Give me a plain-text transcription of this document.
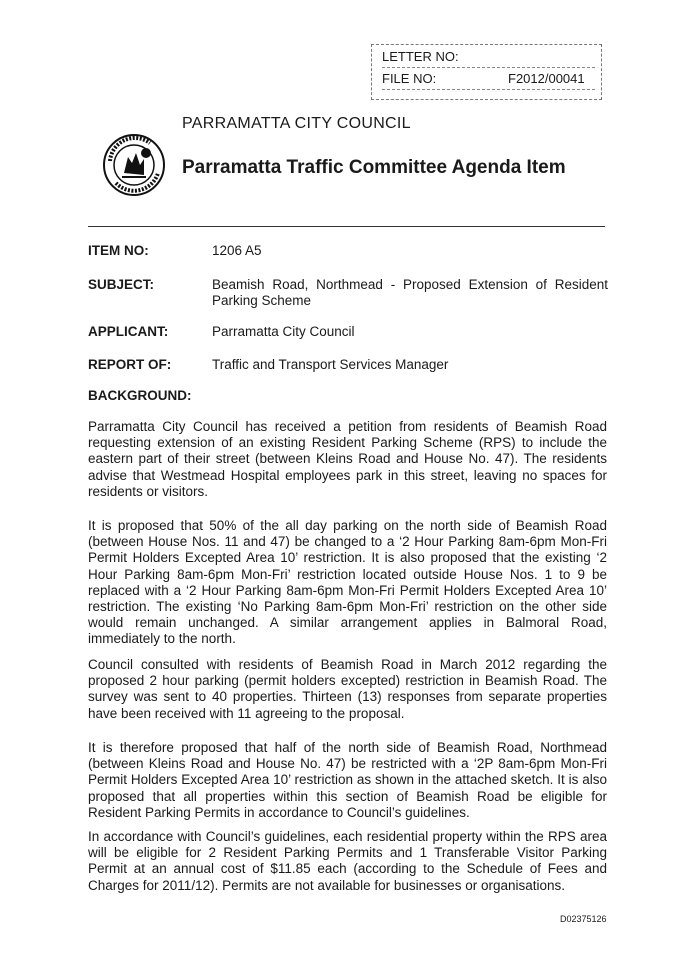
LETTER NO:
FILE NO:	F2012/00041
PARRAMATTA CITY COUNCIL
Parramatta Traffic Committee Agenda Item
ITEM NO:	1206 A5
SUBJECT:	Beamish Road, Northmead - Proposed Extension of Resident Parking Scheme
APPLICANT:	Parramatta City Council
REPORT OF:	Traffic and Transport Services Manager
BACKGROUND:

Parramatta City Council has received a petition from residents of Beamish Road requesting extension of an existing Resident Parking Scheme (RPS) to include the eastern part of their street (between Kleins Road and House No. 47). The residents advise that Westmead Hospital employees park in this street, leaving no spaces for residents or visitors.

It is proposed that 50% of the all day parking on the north side of Beamish Road (between House Nos. 11 and 47) be changed to a ‘2 Hour Parking 8am-6pm Mon-Fri Permit Holders Excepted Area 10’ restriction. It is also proposed that the existing ‘2 Hour Parking 8am-6pm Mon-Fri’ restriction located outside House Nos. 1 to 9 be replaced with a ‘2 Hour Parking 8am-6pm Mon-Fri Permit Holders Excepted Area 10’ restriction. The existing ‘No Parking 8am-6pm Mon-Fri’ restriction on the other side would remain unchanged. A similar arrangement applies in Balmoral Road, immediately to the north.

Council consulted with residents of Beamish Road in March 2012 regarding the proposed 2 hour parking (permit holders excepted) restriction in Beamish Road. The survey was sent to 40 properties. Thirteen (13) responses from separate properties have been received with 11 agreeing to the proposal.

It is therefore proposed that half of the north side of Beamish Road, Northmead (between Kleins Road and House No. 47) be restricted with a ‘2P 8am-6pm Mon-Fri Permit Holders Excepted Area 10’ restriction as shown in the attached sketch. It is also proposed that all properties within this section of Beamish Road be eligible for Resident Parking Permits in accordance to Council’s guidelines.

In accordance with Council’s guidelines, each residential property within the RPS area will be eligible for 2 Resident Parking Permits and 1 Transferable Visitor Parking Permit at an annual cost of $11.85 each (according to the Schedule of Fees and Charges for 2011/12). Permits are not available for businesses or organisations.

D02375126
